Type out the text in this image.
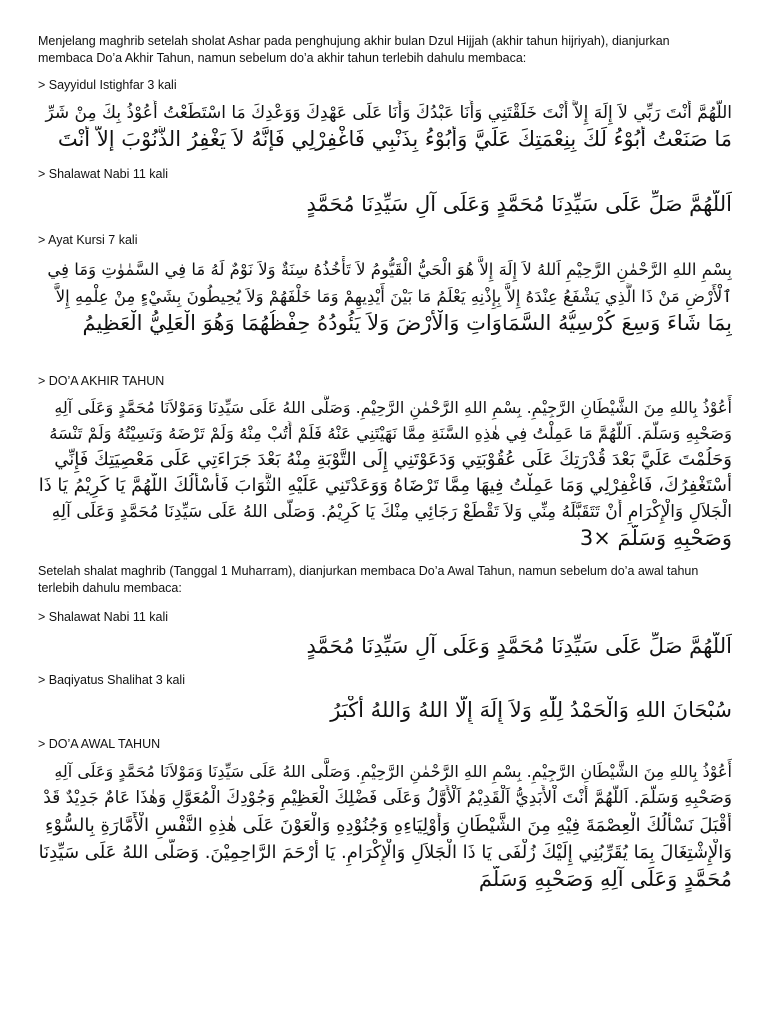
Menjelang maghrib setelah sholat Ashar pada penghujung akhir bulan Dzul Hijjah (akhir tahun hijriyah), dianjurkan
membaca Do’a Akhir Tahun, namun sebelum do’a akhir tahun terlebih dahulu membaca:
> Sayyidul Istighfar 3 kali
اللَّهُمَّ أَنْتَ رَبِّي لاَ إِلَهَ إِلاَّ أَنْتَ خَلَقْتَنِي وَأَنَا عَبْدُكَ وَأَنَا عَلَى عَهْدِكَ وَوَعْدِكَ مَا اسْتَطَعْتُ أَعُوْذُ بِكَ مِنْ شَرِّ
مَا صَنَعْتُ أَبُوْءُ لَكَ بِنِعْمَتِكَ عَلَيَّ وَأَبُوْءُ بِذَنْبِي فَاغْفِرْلِي فَإِنَّهُ لاَ يَغْفِرُ الذُّنُوْبَ إِلاَّ أَنْتَ
> Shalawat Nabi 11 kali
اَللَّهُمَّ صَلِّ عَلَى سَيِّدِنَا مُحَمَّدٍ وَعَلَى آلِ سَيِّدِنَا مُحَمَّدٍ
> Ayat Kursi 7 kali
بِسْمِ اللهِ الرَّحْمٰنِ الرَّحِيْمِ اَللهُ لاَ إِلَهَ إِلاَّ هُوَ الْحَيُّ الْقَيُّومُ لاَ تَأْخُذُهُ سِنَةٌ وَلاَ نَوْمٌ لَهُ مَا فِي السَّمٰوٰتِ وَمَا فِي
ٱلْأَرْضِ مَنْ ذَا الَّذِي يَشْفَعُ عِنْدَهُ إِلاَّ بِإِذْنِهِ يَعْلَمُ مَا بَيْنَ أَيْدِيهِمْ وَمَا خَلْفَهُمْ وَلاَ يُحِيطُونَ بِشَيْءٍ مِنْ عِلْمِهِ إِلاَّ
بِمَا شَاءَ وَسِعَ كُرْسِيُّهُ السَّمَاوَاتِ وَالْأَرْضَ وَلاَ يَئُودُهُ حِفْظُهُمَا وَهُوَ الْعَلِيُّ الْعَظِيمُ
> DO’A AKHIR TAHUN
أَعُوْذُ بِاللهِ مِنَ الشَّيْطَانِ الرَّجِيْمِ. بِسْمِ اللهِ الرَّحْمٰنِ الرَّحِيْمِ. وَصَلَّى اللهُ عَلَى سَيِّدِنَا وَمَوْلاَنَا مُحَمَّدٍ وَعَلَى آلِهِ
وَصَحْبِهِ وَسَلَّمَ. اَللَّهُمَّ مَا عَمِلْتُ فِي هٰذِهِ السَّنَةِ مِمَّا نَهَيْتَنِي عَنْهُ فَلَمْ أَتُبْ مِنْهُ وَلَمْ تَرْضَهُ وَنَسِيْتُهُ وَلَمْ تَنْسَهُ
وَحَلُمْتَ عَلَيَّ بَعْدَ قُدْرَتِكَ عَلَى عُقُوْبَتِي وَدَعَوْتَنِي إِلَى التَّوْبَةِ مِنْهُ بَعْدَ جَرَاءَتِي عَلَى مَعْصِيَتِكَ فَإِنِّي
أَسْتَغْفِرُكَ، فَاغْفِرْلِي وَمَا عَمِلْتُ فِيهَا مِمَّا تَرْضَاهُ وَوَعَدْتَنِي عَلَيْهِ الثَّوَابَ فَأَسْأَلُكَ اللَّهُمَّ يَا كَرِيْمُ يَا ذَا
الْجَلاَلِ وَالْإِكْرَامِ أَنْ تَتَقَبَّلَهُ مِنِّي وَلاَ تَقْطَعْ رَجَائِي مِنْكَ يَا كَرِيْمُ. وَصَلَّى اللهُ عَلَى سَيِّدِنَا مُحَمَّدٍ وَعَلَى آلِهِ
وَصَحْبِهِ وَسَلَّمَ ×3
Setelah shalat maghrib (Tanggal 1 Muharram), dianjurkan membaca Do’a Awal Tahun, namun sebelum do’a awal tahun
terlebih dahulu membaca:
> Shalawat Nabi 11 kali
اَللَّهُمَّ صَلِّ عَلَى سَيِّدِنَا مُحَمَّدٍ وَعَلَى آلِ سَيِّدِنَا مُحَمَّدٍ
> Baqiyatus Shalihat 3 kali
سُبْحَانَ اللهِ وَالْحَمْدُ لِلّٰهِ وَلاَ إِلَهَ إِلَّا اللهُ وَاللهُ أَكْبَرُ
> DO’A AWAL TAHUN
أَعُوْذُ بِاللهِ مِنَ الشَّيْطَانِ الرَّجِيْمِ. بِسْمِ اللهِ الرَّحْمٰنِ الرَّحِيْمِ. وَصَلَّى اللهُ عَلَى سَيِّدِنَا وَمَوْلاَنَا مُحَمَّدٍ وَعَلَى آلِهِ
وَصَحْبِهِ وَسَلَّمَ. اَللَّهُمَّ أَنْتَ اْلأَبَدِيُّ اَلْقَدِيْمُ اَلْأَوَّلُ وَعَلَى فَضْلِكَ الْعَظِيْمِ وَجُوْدِكَ الْمُعَوَّلِ وَهٰذَا عَامٌ جَدِيْدٌ قَدْ
أَقْبَلَ نَسْأَلُكَ الْعِصْمَةَ فِيْهِ مِنَ الشَّيْطَانِ وَأَوْلِيَاءِهِ وَجُنُوْدِهِ وَالْعَوْنَ عَلَى هٰذِهِ النَّفْسِ الْأَمَّارَةِ بِالسُّوْءِ
وَالْإِشْتِغَالَ بِمَا يُقَرِّبُنِي إِلَيْكَ زُلْفَى يَا ذَا الْجَلاَلِ وَالْإِكْرَامِ. يَا أَرْحَمَ الرَّاحِمِيْنَ. وَصَلَّى اللهُ عَلَى سَيِّدِنَا
مُحَمَّدٍ وَعَلَى آلِهِ وَصَحْبِهِ وَسَلَّمَ
